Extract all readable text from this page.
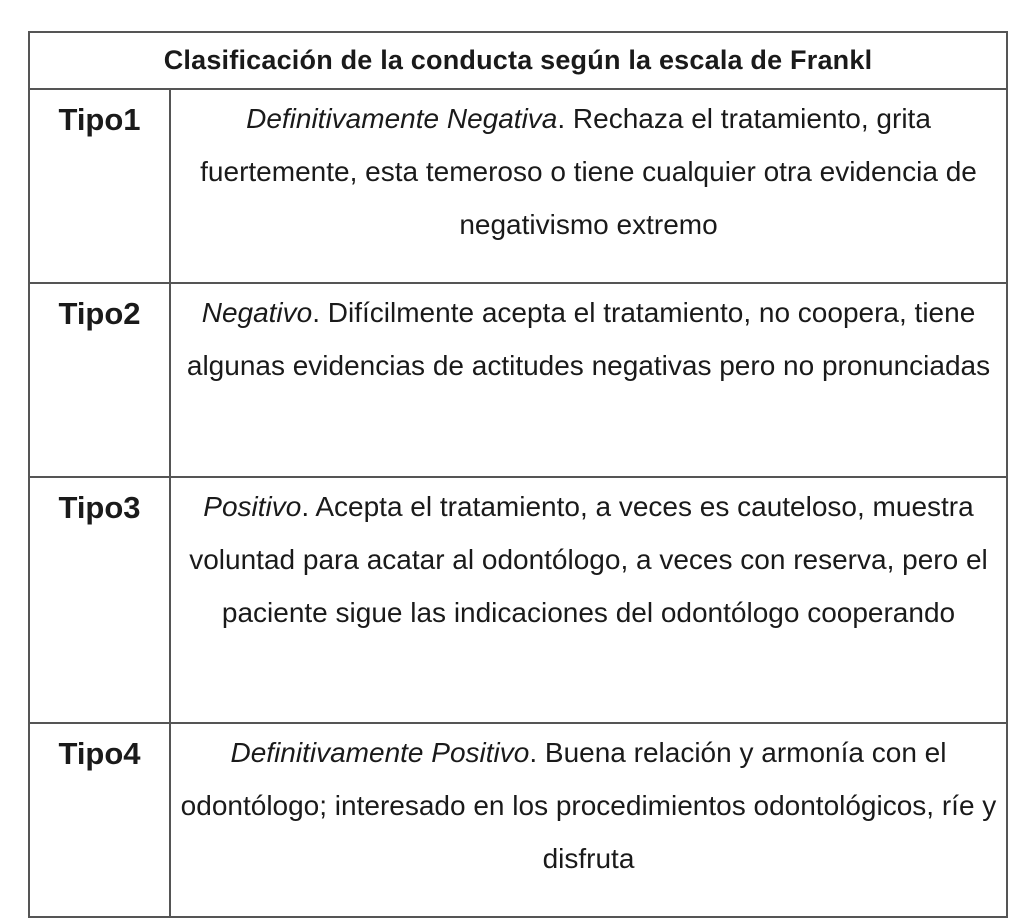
Clasificación de la conducta según la escala de Frankl	
Tipo1	Definitivamente Negativa. Rechaza el tratamiento, grita fuertemente, esta temeroso o tiene cualquier otra evidencia de negativismo extremo
Tipo2	Negativo. Difícilmente acepta el tratamiento, no coopera, tiene algunas evidencias de actitudes negativas pero no pronunciadas
Tipo3	Positivo. Acepta el tratamiento, a veces es cauteloso, muestra voluntad para acatar al odontólogo, a veces con reserva, pero el paciente sigue las indicaciones del odontólogo cooperando
Tipo4	Definitivamente Positivo. Buena relación y armonía con el odontólogo; interesado en los procedimientos odontológicos, ríe y disfruta
